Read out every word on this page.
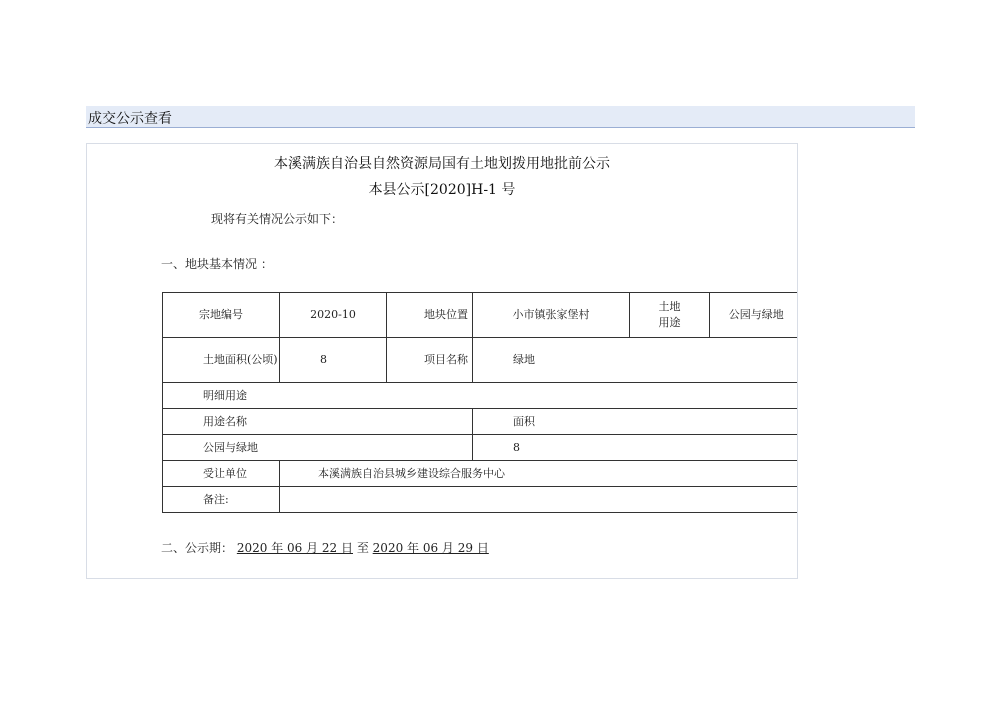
成交公示查看
本溪满族自治县自然资源局国有土地划拨用地批前公示
本县公示[2020]H-1 号
现将有关情况公示如下：
一、地块基本情况 ：
宗地编号	2020-10	地块位置	小市镇张家堡村	土地
用途	公园与绿地
土地面积(公顷)	8	项目名称	绿地		
明细用途					
用途名称			面积		
公园与绿地			8		
受让单位	本溪满族自治县城乡建设综合服务中心				
备注:					
二、公示期： 2020 年 06 月 22 日 至 2020 年 06 月 29 日
